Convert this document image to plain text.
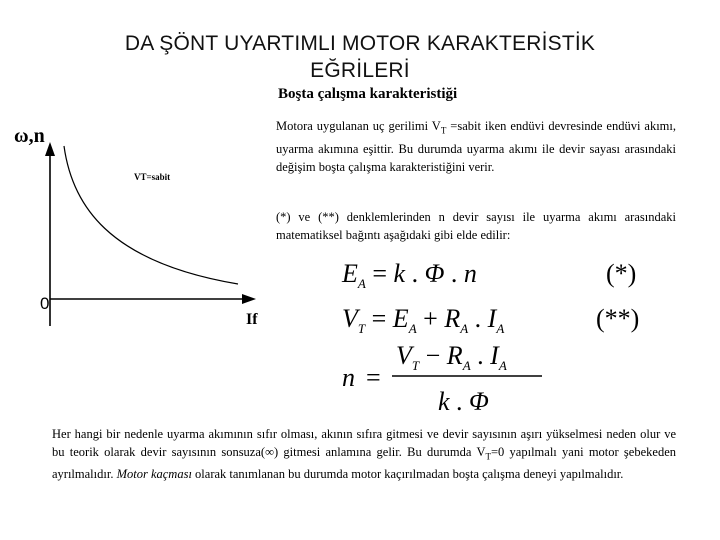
DA ŞÖNT UYARTIMLI MOTOR KARAKTERİSTİK
EĞRİLERİ
Boşta çalışma karakteristiği
ω,n
0
If
VT=sabit
Motora uygulanan uç gerilimi $V_T$ =sabit iken endüvi devresinde endüvi akımı, uyarma akımına eşittir. Bu durumda uyarma akımı ile devir sayası arasındaki değişim boşta çalışma karakteristiğini verir.
(*) ve (**) denklemlerinden n devir sayısı ile uyarma akımı arasındaki matematiksel bağıntı aşağıdaki gibi elde edilir:
$E_A = k$ . Φ . n	(*)
$V_T = E_A + R_A$ . $I_A$	(**)
n =
$V_T - R_A$ . $I_A$
k . Φ
Her hangi bir nedenle uyarma akımının sıfır olması, akının sıfıra gitmesi ve devir sayısının aşırı yükselmesi neden olur ve bu teorik olarak devir sayısının sonsuza(∞) gitmesi anlamına gelir. Bu durumda $V_T=0$ yapılmalı yani motor şebekeden ayrılmalıdır. Motor kaçması olarak tanımlanan bu durumda motor kaçırılmadan boşta çalışma deneyi yapılmalıdır.
